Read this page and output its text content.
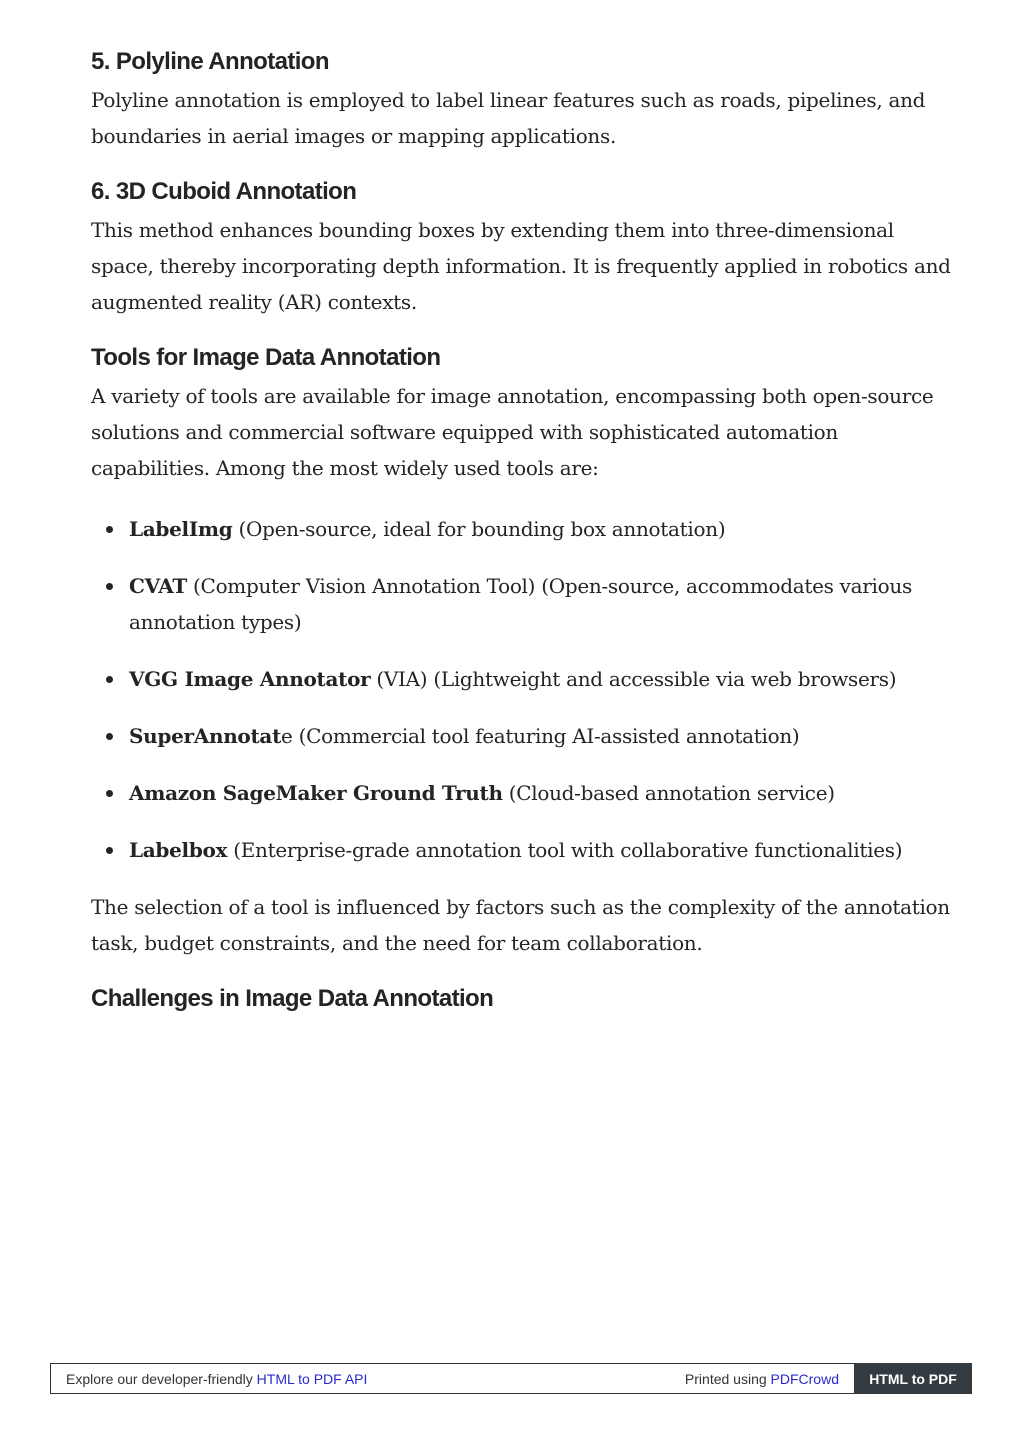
5. Polyline Annotation

Polyline annotation is employed to label linear features such as roads, pipelines, and boundaries in aerial images or mapping applications.

6. 3D Cuboid Annotation

This method enhances bounding boxes by extending them into three-dimensional space, thereby incorporating depth information. It is frequently applied in robotics and augmented reality (AR) contexts.

Tools for Image Data Annotation

A variety of tools are available for image annotation, encompassing both open-source solutions and commercial software equipped with sophisticated automation capabilities. Among the most widely used tools are:

LabelImg (Open-source, ideal for bounding box annotation)
CVAT (Computer Vision Annotation Tool) (Open-source, accommodates various annotation types)
VGG Image Annotator (VIA) (Lightweight and accessible via web browsers)
SuperAnnotate (Commercial tool featuring AI-assisted annotation)
Amazon SageMaker Ground Truth (Cloud-based annotation service)
Labelbox (Enterprise-grade annotation tool with collaborative functionalities)

The selection of a tool is influenced by factors such as the complexity of the annotation task, budget constraints, and the need for team collaboration.

Challenges in Image Data Annotation
Explore our developer-friendly HTML to PDF API	Printed using PDFCrowd	HTML to PDF
